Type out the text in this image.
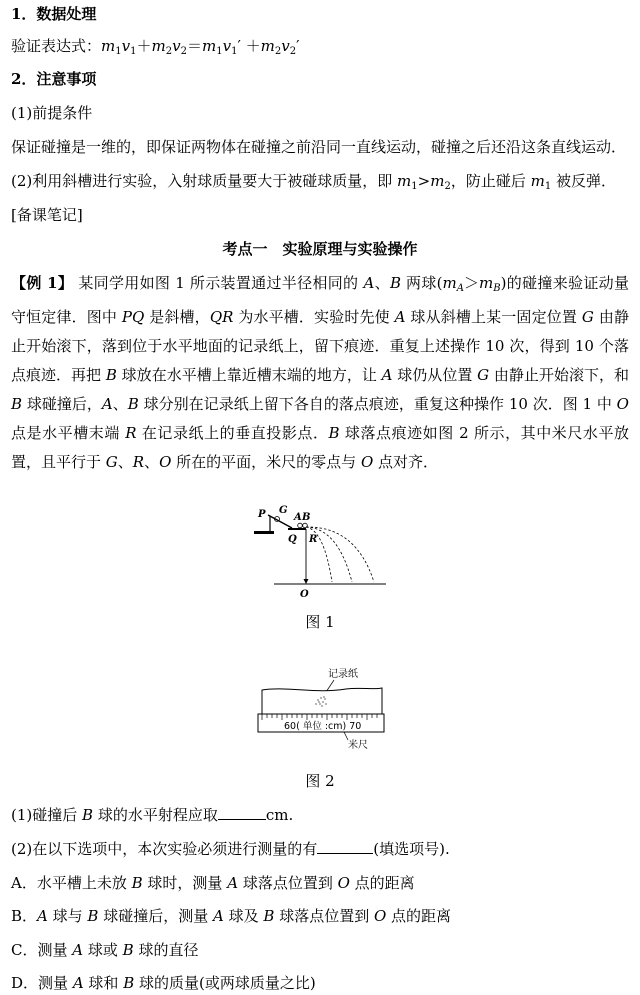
1．数据处理
验证表达式：$m_1v_1+m_2v_2=m_1v_1' +m_2v_2'$
2．注意事项
(1)前提条件
保证碰撞是一维的，即保证两物体在碰撞之前沿同一直线运动，碰撞之后还沿这条直线运动．
(2)利用斜槽进行实验，入射球质量要大于被碰球质量，即 $m_1>m_2$，防止碰后 $m_1$ 被反弹．
[备课笔记]
考点一　实验原理与实验操作
【例 1】 某同学用如图 1 所示装置通过半径相同的 A、B 两球$(m_A>m_B)$的碰撞来验证动量守恒定律．图中 PQ 是斜槽，QR 为水平槽．实验时先使 A 球从斜槽上某一固定位置 G 由静止开始滚下，落到位于水平地面的记录纸上，留下痕迹．重复上述操作 10 次，得到 10 个落点痕迹．再把 B 球放在水平槽上靠近槽末端的地方，让 A 球仍从位置 G 由静止开始滚下，和 B 球碰撞后，A、B 球分别在记录纸上留下各自的落点痕迹，重复这种操作 10 次．图 1 中 O 点是水平槽末端 R 在记录纸上的垂直投影点．B 球落点痕迹如图 2 所示，其中米尺水平放置，且平行于 G、R、O 所在的平面，米尺的零点与 O 点对齐．
P G
A B
Q R
O
图 1
记录纸
60( 单位 :cm) 70
米尺
图 2
(1)碰撞后 B 球的水平射程应取	cm.
(2)在以下选项中，本次实验必须进行测量的有	(填选项号).
A．水平槽上未放 B 球时，测量 A 球落点位置到 O 点的距离
B．A 球与 B 球碰撞后，测量 A 球及 B 球落点位置到 O 点的距离
C．测量 A 球或 B 球的直径
D．测量 A 球和 B 球的质量(或两球质量之比)
